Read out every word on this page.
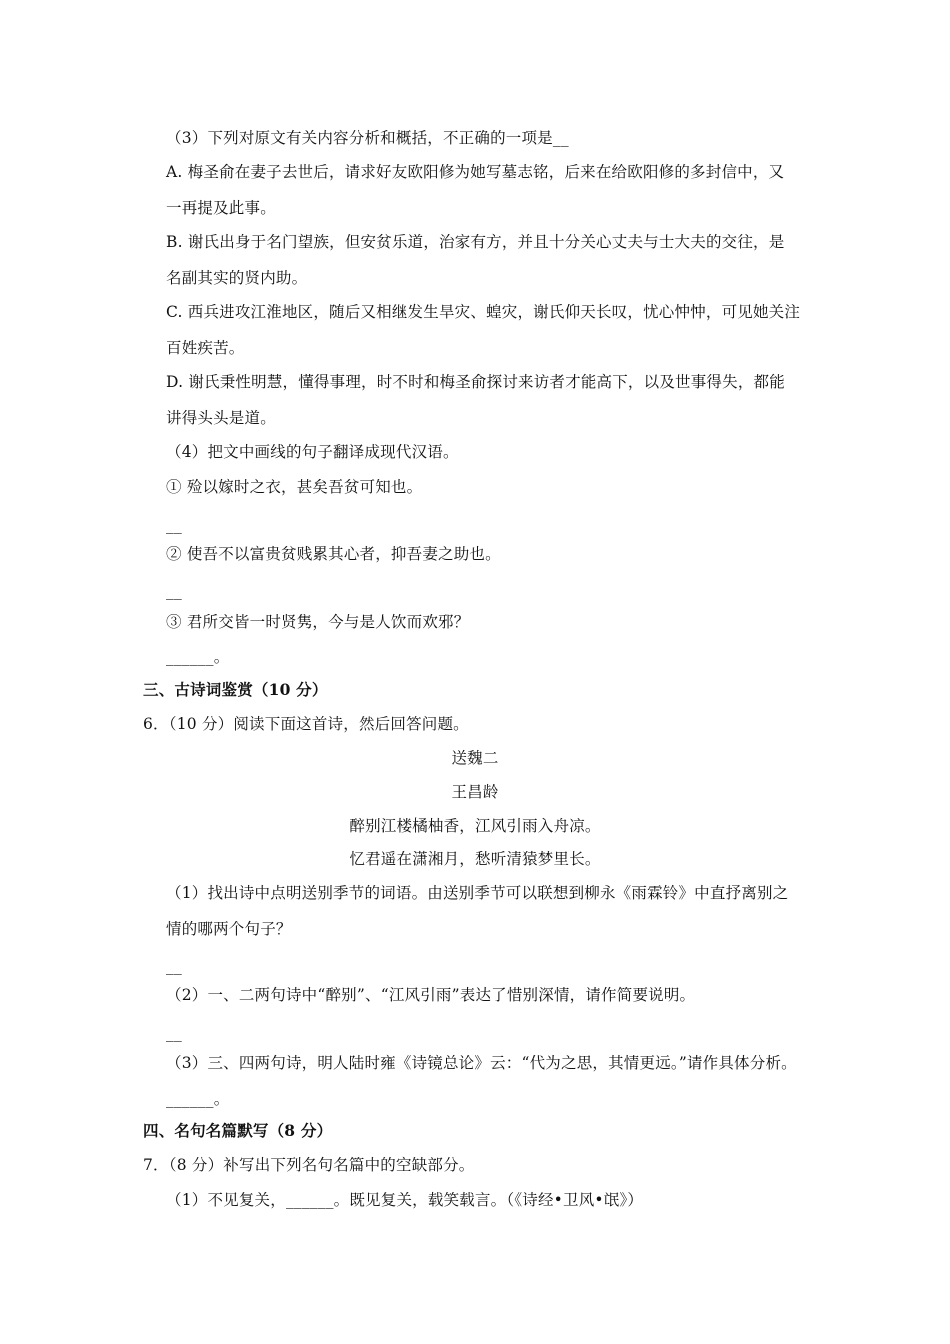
（3）下列对原文有关内容分析和概括，不正确的一项是__
A. 梅圣俞在妻子去世后，请求好友欧阳修为她写墓志铭，后来在给欧阳修的多封信中，又
一再提及此事。
B. 谢氏出身于名门望族，但安贫乐道，治家有方，并且十分关心丈夫与士大夫的交往，是
名副其实的贤内助。
C. 西兵进攻江淮地区，随后又相继发生旱灾、蝗灾，谢氏仰天长叹，忧心忡忡，可见她关注
百姓疾苦。
D. 谢氏秉性明慧，懂得事理，时不时和梅圣俞探讨来访者才能高下，以及世事得失，都能
讲得头头是道。
（4）把文中画线的句子翻译成现代汉语。
① 殓以嫁时之衣，甚矣吾贫可知也。
__
② 使吾不以富贵贫贱累其心者，抑吾妻之助也。
__
③ 君所交皆一时贤隽，今与是人饮而欢邪？
______。
三、古诗词鉴赏（10 分）
6．（10 分）阅读下面这首诗，然后回答问题。
送魏二
王昌龄
醉别江楼橘柚香，江风引雨入舟凉。
忆君遥在潇湘月，愁听清猿梦里长。
（1）找出诗中点明送别季节的词语。由送别季节可以联想到柳永《雨霖铃》中直抒离别之
情的哪两个句子？
__
（2）一、二两句诗中“醉别”、“江风引雨”表达了惜别深情，请作简要说明。
__
（3）三、四两句诗，明人陆时雍《诗镜总论》云：“代为之思，其情更远。”请作具体分析。
______。
四、名句名篇默写（8 分）
7．（8 分）补写出下列名句名篇中的空缺部分。
（1）不见复关，______。既见复关，载笑载言。（《诗经•卫风•氓》）
